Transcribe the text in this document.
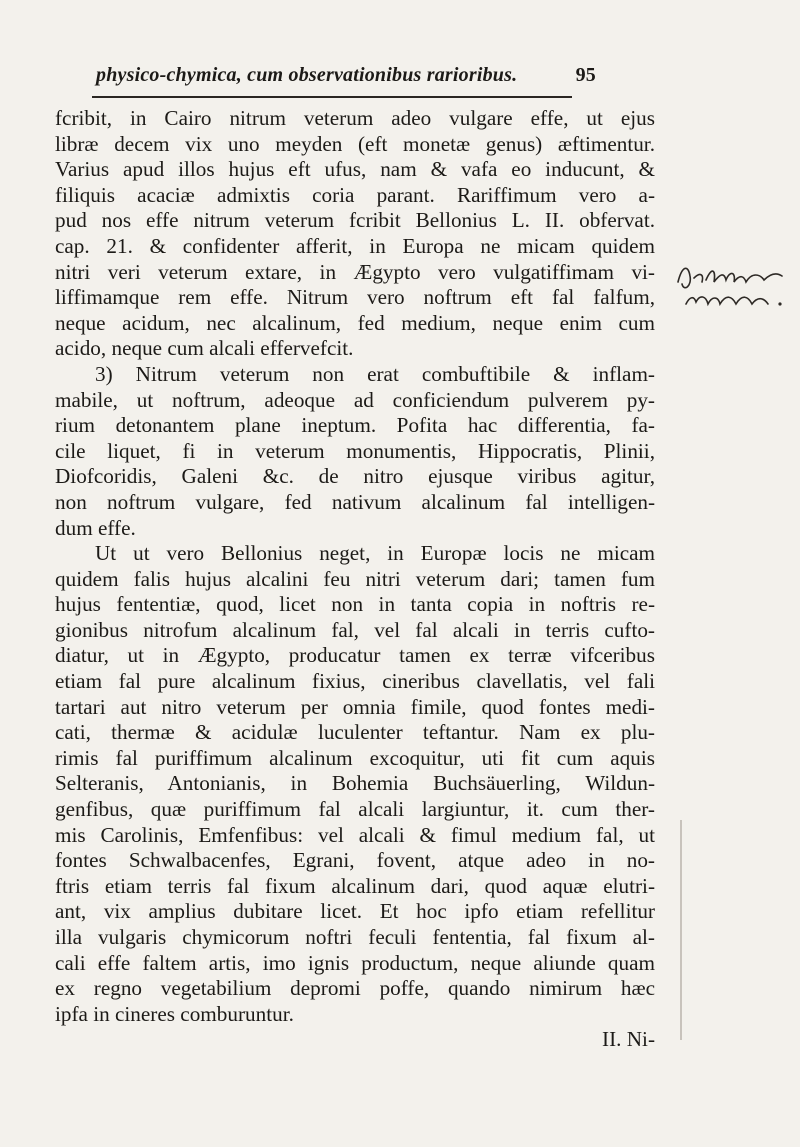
physico-chymica, cum observationibus rarioribus.	95
fcribit, in Cairo nitrum veterum adeo vulgare effe, ut ejus
libræ decem vix uno meyden (eft monetæ genus) æftimentur.
Varius apud illos hujus eft ufus, nam & vafa eo inducunt, &
filiquis acaciæ admixtis coria parant. Rariffimum vero a-
pud nos effe nitrum veterum fcribit Bellonius L. II. obfervat.
cap. 21. & confidenter afferit, in Europa ne micam quidem
nitri veri veterum extare, in Ægypto vero vulgatiffimam vi-
liffimamque rem effe. Nitrum vero noftrum eft fal falfum,
neque acidum, nec alcalinum, fed medium, neque enim cum
acido, neque cum alcali effervefcit.
3) Nitrum veterum non erat combuftibile & inflam-
mabile, ut noftrum, adeoque ad conficiendum pulverem py-
rium detonantem plane ineptum. Pofita hac differentia, fa-
cile liquet, fi in veterum monumentis, Hippocratis, Plinii,
Diofcoridis, Galeni &c. de nitro ejusque viribus agitur,
non noftrum vulgare, fed nativum alcalinum fal intelligen-
dum effe.
Ut ut vero Bellonius neget, in Europæ locis ne micam
quidem falis hujus alcalini feu nitri veterum dari; tamen fum
hujus fententiæ, quod, licet non in tanta copia in noftris re-
gionibus nitrofum alcalinum fal, vel fal alcali in terris cufto-
diatur, ut in Ægypto, producatur tamen ex terræ vifceribus
etiam fal pure alcalinum fixius, cineribus clavellatis, vel fali
tartari aut nitro veterum per omnia fimile, quod fontes medi-
cati, thermæ & acidulæ luculenter teftantur. Nam ex plu-
rimis fal puriffimum alcalinum excoquitur, uti fit cum aquis
Selteranis, Antonianis, in Bohemia Buchsäuerling, Wildun-
genfibus, quæ puriffimum fal alcali largiuntur, it. cum ther-
mis Carolinis, Emfenfibus: vel alcali & fimul medium fal, ut
fontes Schwalbacenfes, Egrani, fovent, atque adeo in no-
ftris etiam terris fal fixum alcalinum dari, quod aquæ elutri-
ant, vix amplius dubitare licet. Et hoc ipfo etiam refellitur
illa vulgaris chymicorum noftri feculi fententia, fal fixum al-
cali effe faltem artis, imo ignis productum, neque aliunde quam
ex regno vegetabilium depromi poffe, quando nimirum hæc
ipfa in cineres comburuntur.
II. Ni-
